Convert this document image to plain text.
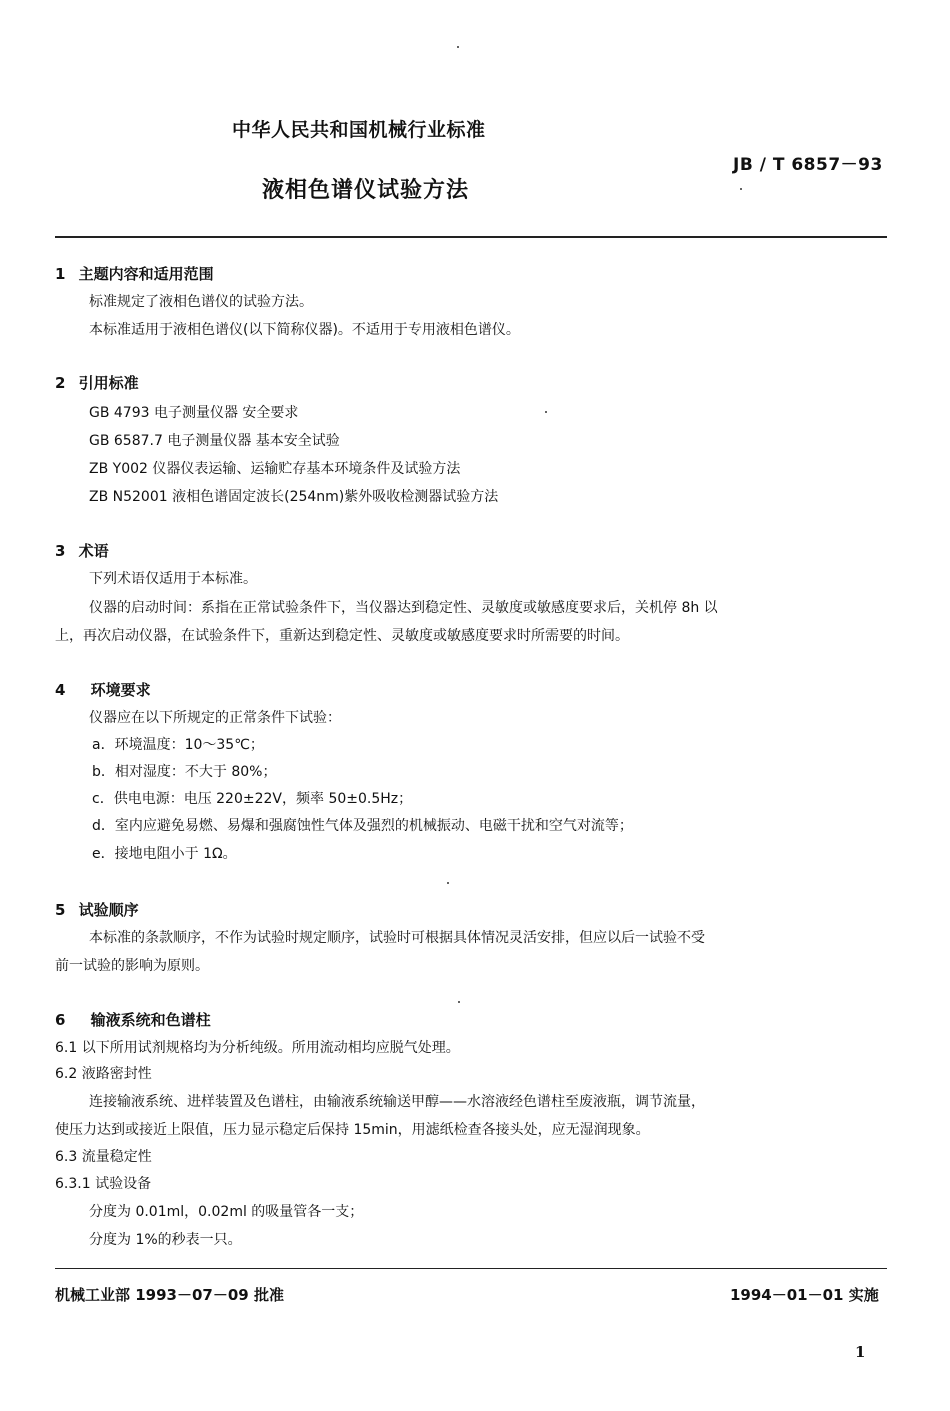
中华人民共和国机械行业标准
JB / T 6857－93
液相色谱仪试验方法
1 主题内容和适用范围
标准规定了液相色谱仪的试验方法。
本标准适用于液相色谱仪(以下简称仪器)。不适用于专用液相色谱仪。
2 引用标准
GB 4793 电子测量仪器 安全要求
GB 6587.7 电子测量仪器 基本安全试验
ZB Y002 仪器仪表运输、运输贮存基本环境条件及试验方法
ZB N52001 液相色谱固定波长(254nm)紫外吸收检测器试验方法
3 术语
下列术语仅适用于本标准。
仪器的启动时间：系指在正常试验条件下，当仪器达到稳定性、灵敏度或敏感度要求后，关机停 8h 以
上，再次启动仪器，在试验条件下，重新达到稳定性、灵敏度或敏感度要求时所需要的时间。
4 环境要求
仪器应在以下所规定的正常条件下试验：
a．环境温度：10～35℃；
b．相对湿度：不大于 80%；
c．供电电源：电压 220±22V，频率 50±0.5Hz；
d．室内应避免易燃、易爆和强腐蚀性气体及强烈的机械振动、电磁干扰和空气对流等；
e．接地电阻小于 1Ω。
5 试验顺序
本标准的条款顺序，不作为试验时规定顺序，试验时可根据具体情况灵活安排，但应以后一试验不受
前一试验的影响为原则。
6 输液系统和色谱柱
6.1 以下所用试剂规格均为分析纯级。所用流动相均应脱气处理。
6.2 液路密封性
连接输液系统、进样装置及色谱柱，由输液系统输送甲醇——水溶液经色谱柱至废液瓶，调节流量，
使压力达到或接近上限值，压力显示稳定后保持 15min，用滤纸检查各接头处，应无湿润现象。
6.3 流量稳定性
6.3.1 试验设备
分度为 0.01ml，0.02ml 的吸量管各一支；
分度为 1%的秒表一只。
机械工业部 1993－07－09 批准	1994－01－01 实施
1
